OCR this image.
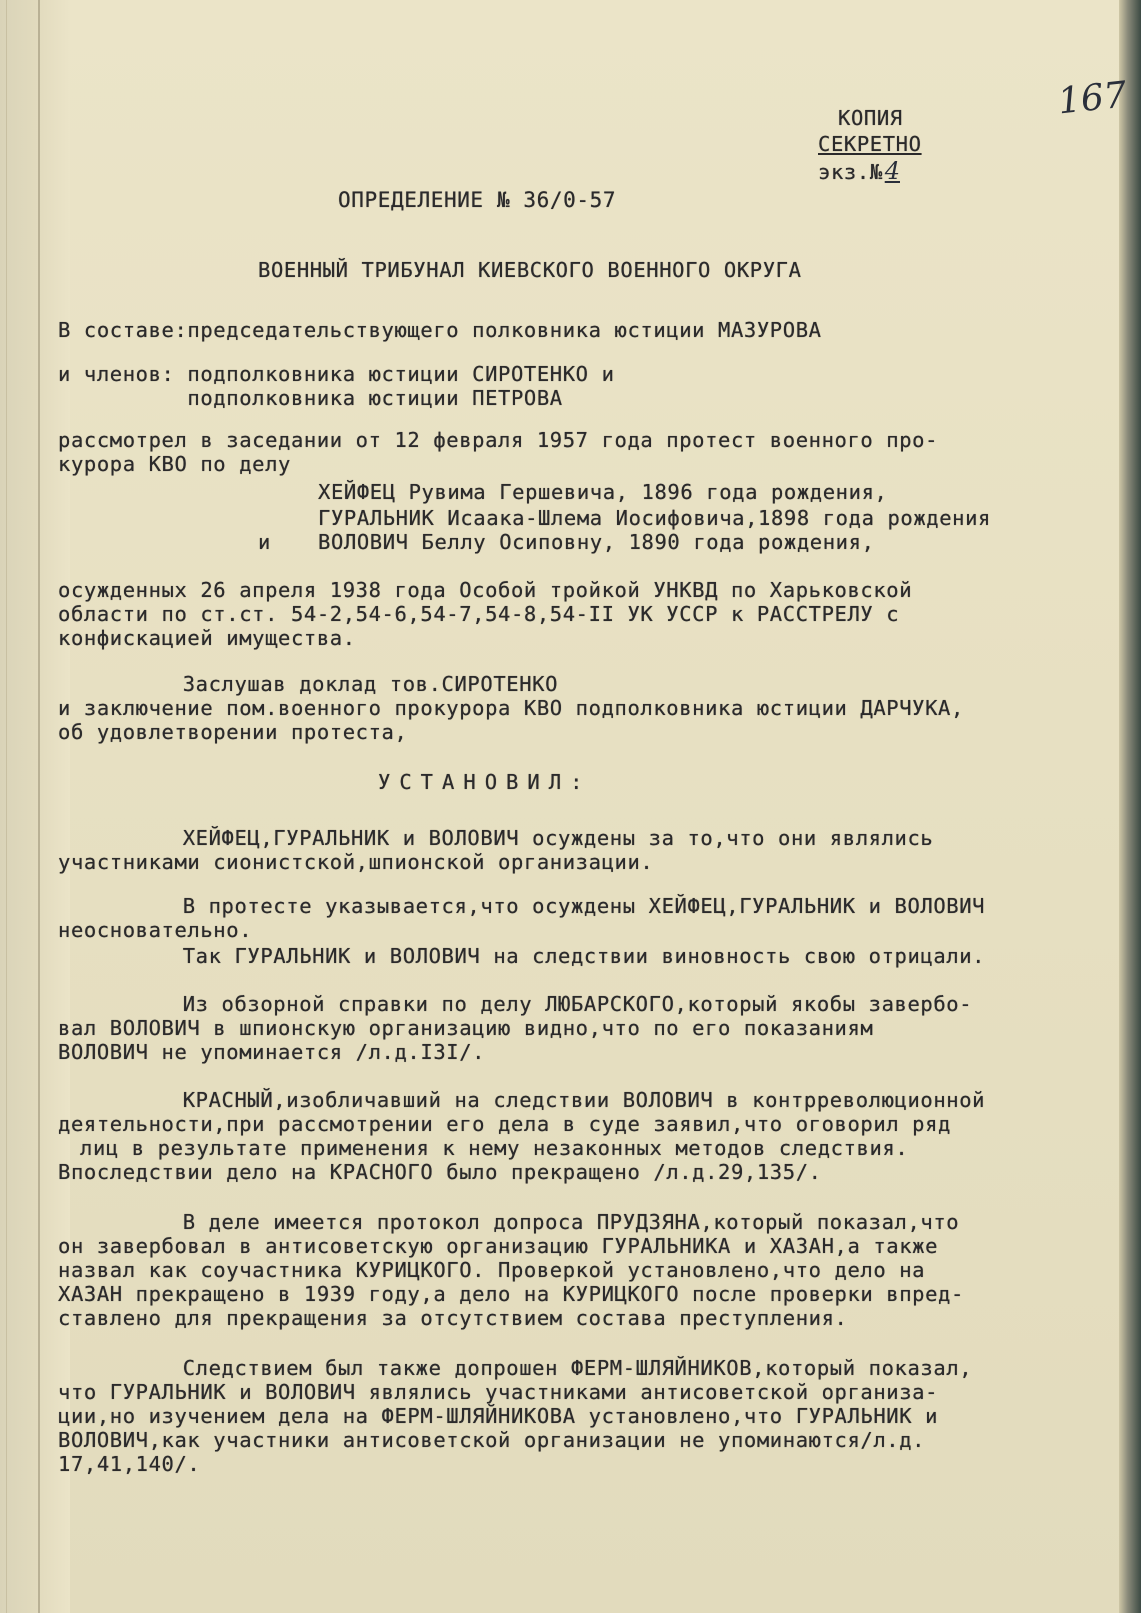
167
КОПИЯ
СЕКРЕТНО
экз.№4
ОПРЕДЕЛЕНИЕ № 36/0-57
ВОЕННЫЙ ТРИБУНАЛ КИЕВСКОГО ВОЕННОГО ОКРУГА
В составе:председательствующего полковника юстиции МАЗУРОВА
и членов: подполковника юстиции СИРОТЕНКО и
подполковника юстиции ПЕТРОВА
рассмотрел в заседании от 12 февраля 1957 года протест военного про-
курора КВО по делу
ХЕЙФЕЦ Рувима Гершевича, 1896 года рождения,
ГУРАЛЬНИК Исаака-Шлема Иосифовича,1898 года рождения
и ВОЛОВИЧ Беллу Осиповну, 1890 года рождения,
осужденных 26 апреля 1938 года Особой тройкой УНКВД по Харьковской
области по ст.ст. 54-2,54-6,54-7,54-8,54-II УК УССР к РАССТРЕЛУ с
конфискацией имущества.
Заслушав доклад тов.СИРОТЕНКО
и заключение пом.военного прокурора КВО подполковника юстиции ДАРЧУКА,
об удовлетворении протеста,
УСТАНОВИЛ:
ХЕЙФЕЦ,ГУРАЛЬНИК и ВОЛОВИЧ осуждены за то,что они являлись
участниками сионистской,шпионской организации.
В протесте указывается,что осуждены ХЕЙФЕЦ,ГУРАЛЬНИК и ВОЛОВИЧ
неосновательно.
Так ГУРАЛЬНИК и ВОЛОВИЧ на следствии виновность свою отрицали.
Из обзорной справки по делу ЛЮБАРСКОГО,который якобы завербо-
вал ВОЛОВИЧ в шпионскую организацию видно,что по его показаниям
ВОЛОВИЧ не упоминается /л.д.I3I/.
КРАСНЫЙ,изобличавший на следствии ВОЛОВИЧ в контрреволюционной
деятельности,при рассмотрении его дела в суде заявил,что оговорил ряд
лиц в результате применения к нему незаконных методов следствия.
Впоследствии дело на КРАСНОГО было прекращено /л.д.29,135/.
В деле имеется протокол допроса ПРУДЗЯНА,который показал,что
он завербовал в антисоветскую организацию ГУРАЛЬНИКА и ХАЗАН,а также
назвал как соучастника КУРИЦКОГО. Проверкой установлено,что дело на
ХАЗАН прекращено в 1939 году,а дело на КУРИЦКОГО после проверки впред-
ставлено для прекращения за отсутствием состава преступления.
Следствием был также допрошен ФЕРМ-ШЛЯЙНИКОВ,который показал,
что ГУРАЛЬНИК и ВОЛОВИЧ являлись участниками антисоветской организа-
ции,но изучением дела на ФЕРМ-ШЛЯЙНИКОВА установлено,что ГУРАЛЬНИК и
ВОЛОВИЧ,как участники антисоветской организации не упоминаются/л.д.
17,41,140/.
